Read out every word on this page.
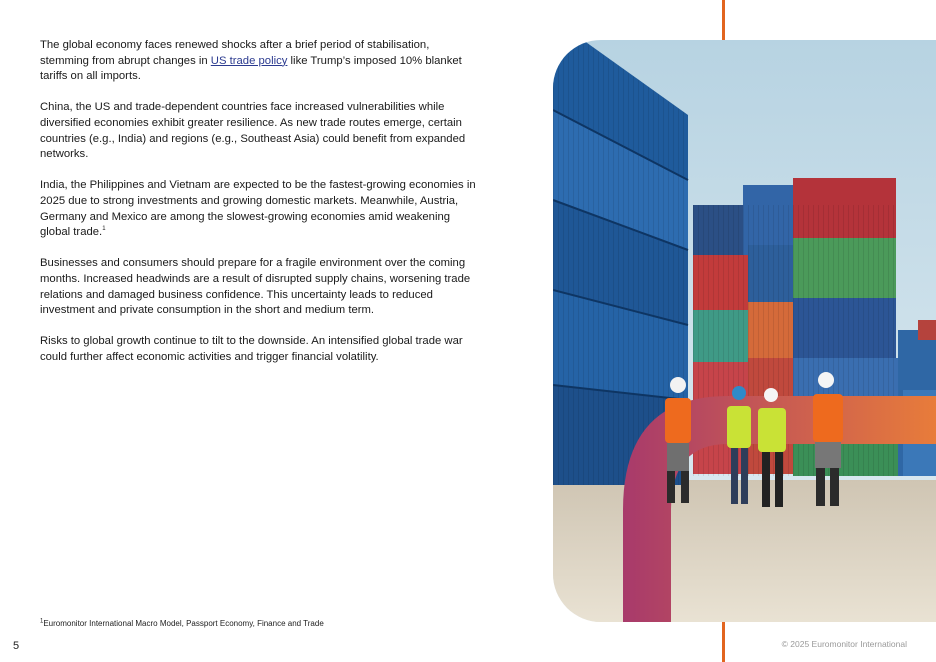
The global economy faces renewed shocks after a brief period of stabilisation, stemming from abrupt changes in US trade policy like Trump’s imposed 10% blanket tariffs on all imports.

China, the US and trade-dependent countries face increased vulnerabilities while diversified economies exhibit greater resilience. As new trade routes emerge, certain countries (e.g., India) and regions (e.g., Southeast Asia) could benefit from expanded networks.

India, the Philippines and Vietnam are expected to be the fastest-growing economies in 2025 due to strong investments and growing domestic markets. Meanwhile, Austria, Germany and Mexico are among the slowest-growing economies amid weakening global trade.$^1$

Businesses and consumers should prepare for a fragile environment over the coming months. Increased headwinds are a result of disrupted supply chains, worsening trade relations and damaged business confidence. This uncertainty leads to reduced investment and private consumption in the short and medium term.

Risks to global growth continue to tilt to the downside. An intensified global trade war could further affect economic activities and trigger financial volatility.

$^1$Euromonitor International Macro Model, Passport Economy, Finance and Trade
5	© 2025 Euromonitor International
